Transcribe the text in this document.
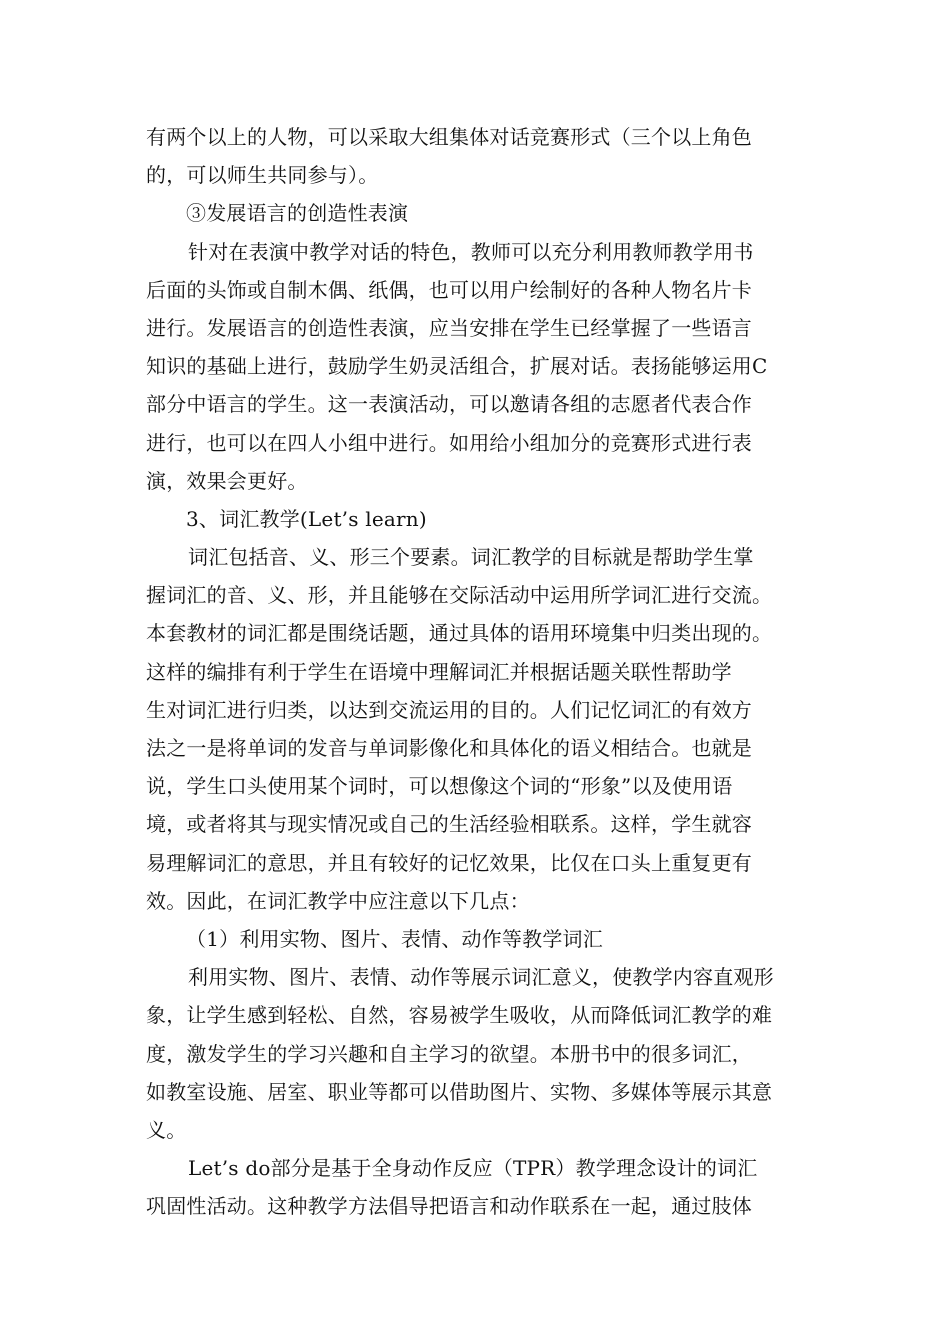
有两个以上的人物，可以采取大组集体对话竞赛形式（三个以上角色
的，可以师生共同参与）。
③发展语言的创造性表演
针对在表演中教学对话的特色，教师可以充分利用教师教学用书
后面的头饰或自制木偶、纸偶，也可以用户绘制好的各种人物名片卡
进行。发展语言的创造性表演，应当安排在学生已经掌握了一些语言
知识的基础上进行，鼓励学生奶灵活组合，扩展对话。表扬能够运用C
部分中语言的学生。这一表演活动，可以邀请各组的志愿者代表合作
进行，也可以在四人小组中进行。如用给小组加分的竞赛形式进行表
演，效果会更好。
3、词汇教学(Let’s learn)
词汇包括音、义、形三个要素。词汇教学的目标就是帮助学生掌
握词汇的音、义、形，并且能够在交际活动中运用所学词汇进行交流。
本套教材的词汇都是围绕话题，通过具体的语用环境集中归类出现的。
这样的编排有利于学生在语境中理解词汇并根据话题关联性帮助学
生对词汇进行归类，以达到交流运用的目的。人们记忆词汇的有效方
法之一是将单词的发音与单词影像化和具体化的语义相结合。也就是
说，学生口头使用某个词时，可以想像这个词的“形象”以及使用语
境，或者将其与现实情况或自己的生活经验相联系。这样，学生就容
易理解词汇的意思，并且有较好的记忆效果，比仅在口头上重复更有
效。因此，在词汇教学中应注意以下几点：
（1）利用实物、图片、表情、动作等教学词汇
利用实物、图片、表情、动作等展示词汇意义，使教学内容直观形
象，让学生感到轻松、自然，容易被学生吸收，从而降低词汇教学的难
度，激发学生的学习兴趣和自主学习的欲望。本册书中的很多词汇，
如教室设施、居室、职业等都可以借助图片、实物、多媒体等展示其意
义。
Let’s do部分是基于全身动作反应（TPR）教学理念设计的词汇
巩固性活动。这种教学方法倡导把语言和动作联系在一起，通过肢体
